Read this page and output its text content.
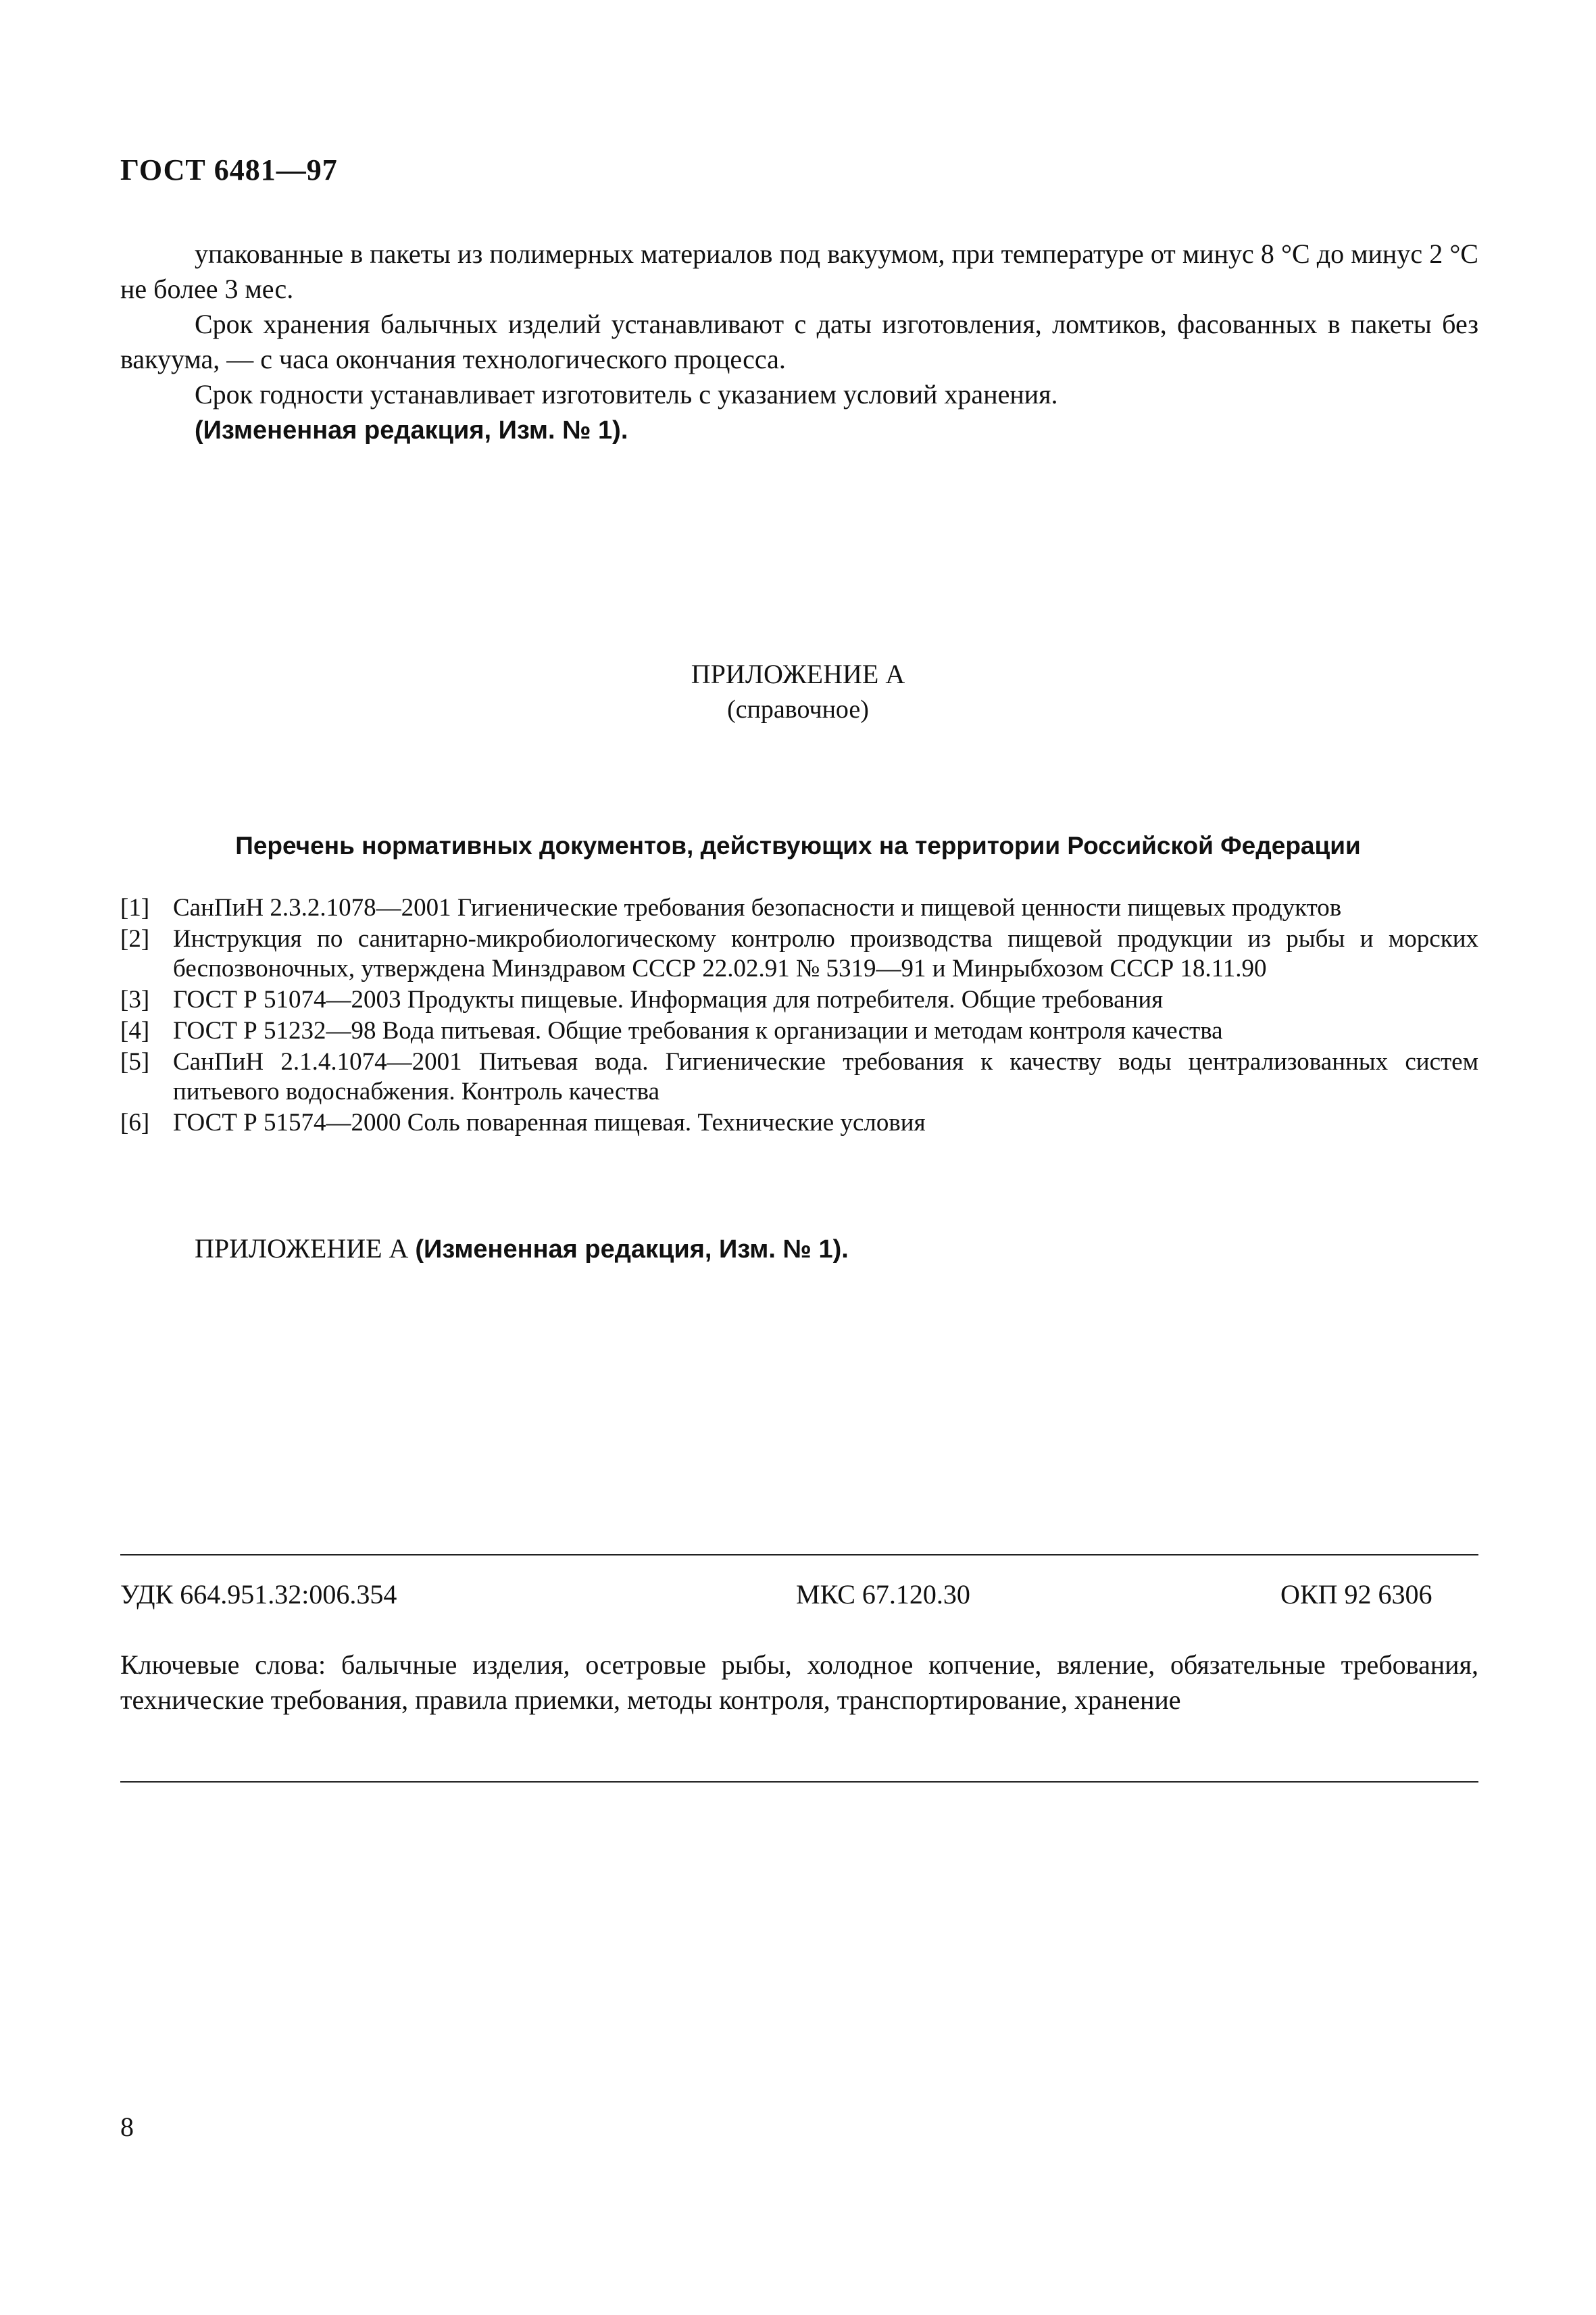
ГОСТ 6481—97

упакованные в пакеты из полимерных материалов под вакуумом, при температуре от минус 8 °С до минус 2 °С не более 3 мес.

Срок хранения балычных изделий устанавливают с даты изготовления, ломтиков, фасованных в пакеты без вакуума, — с часа окончания технологического процесса.

Срок годности устанавливает изготовитель с указанием условий хранения.

(Измененная редакция, Изм. № 1).

ПРИЛОЖЕНИЕ А
(справочное)
Перечень нормативных документов, действующих на территории Российской Федерации
[1] СанПиН 2.3.2.1078—2001 Гигиенические требования безопасности и пищевой ценности пищевых продуктов
[2] Инструкция по санитарно-микробиологическому контролю производства пищевой продукции из рыбы и морских беспозвоночных, утверждена Минздравом СССР 22.02.91 № 5319—91 и Минрыбхозом СССР 18.11.90
[3] ГОСТ Р 51074—2003 Продукты пищевые. Информация для потребителя. Общие требования
[4] ГОСТ Р 51232—98 Вода питьевая. Общие требования к организации и методам контроля качества
[5] СанПиН 2.1.4.1074—2001 Питьевая вода. Гигиенические требования к качеству воды централизованных систем питьевого водоснабжения. Контроль качества
[6] ГОСТ Р 51574—2000 Соль поваренная пищевая. Технические условия
ПРИЛОЖЕНИЕ А (Измененная редакция, Изм. № 1).
УДК 664.951.32:006.354	МКС 67.120.30	ОКП 92 6306

Ключевые слова: балычные изделия, осетровые рыбы, холодное копчение, вяление, обязательные требования, технические требования, правила приемки, методы контроля, транспортирование, хранение

8
